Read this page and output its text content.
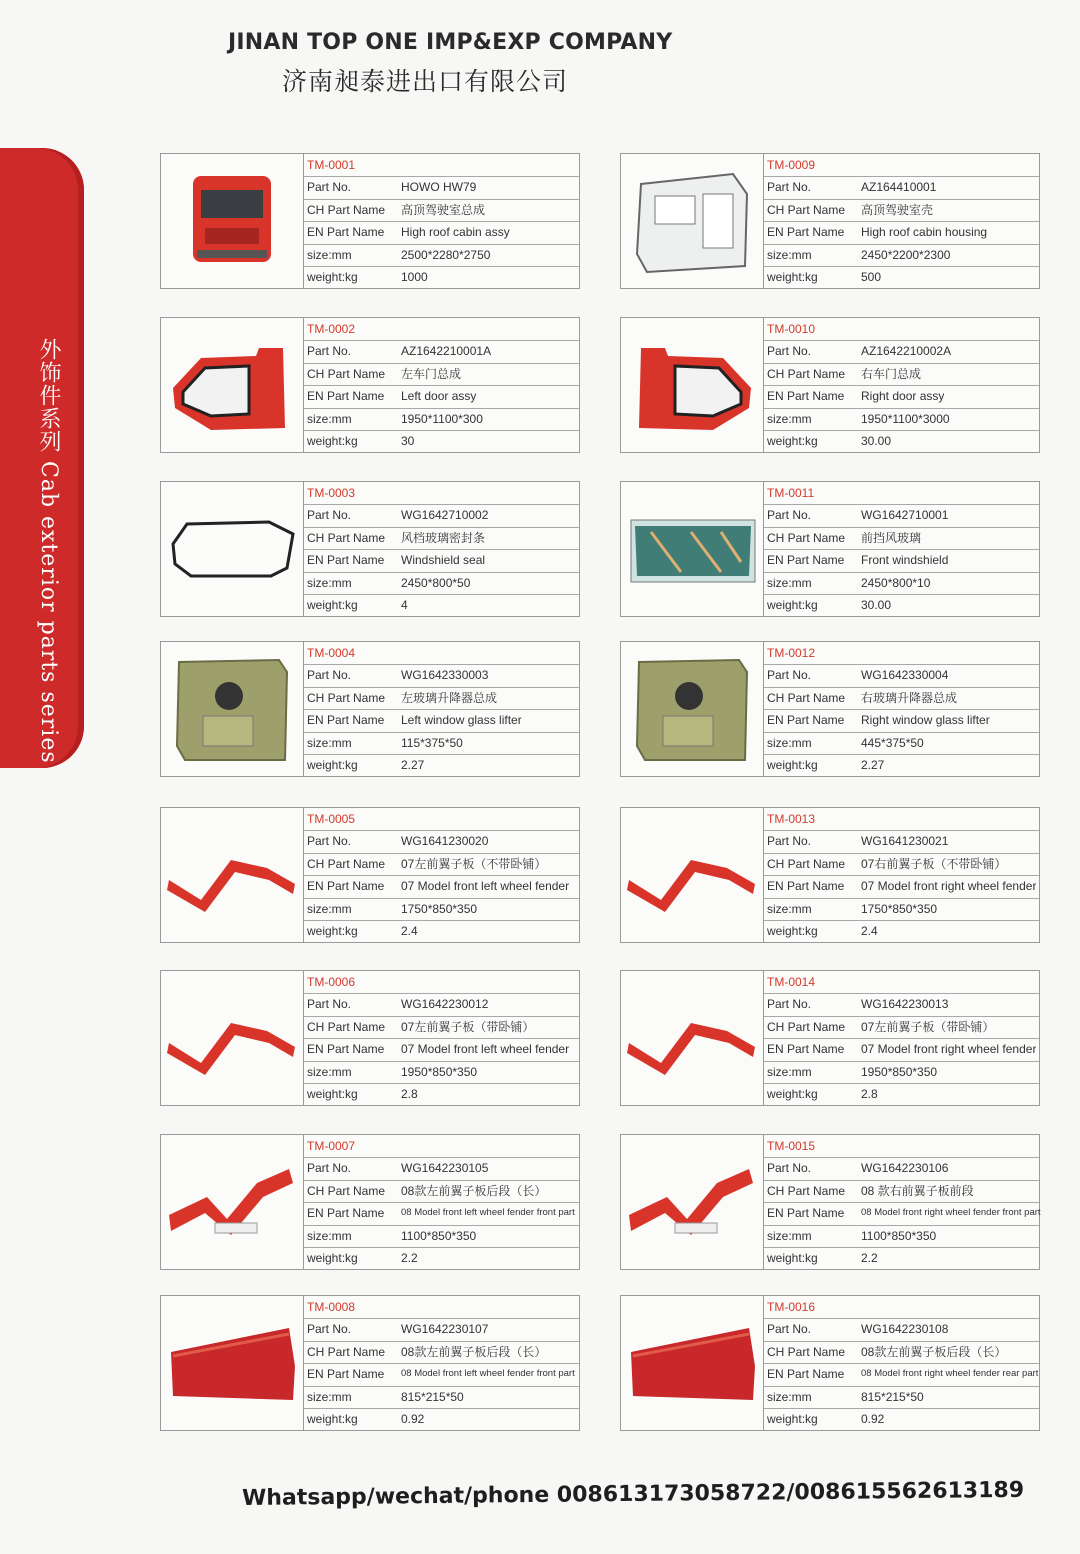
JINAN TOP ONE IMP&EXP COMPANY
济南昶泰进出口有限公司
外饰件系列 Cab exterior parts series
TM-0001
Part No.	HOWO HW79
CH Part Name 高顶驾驶室总成
EN Part Name High roof cabin assy
size:mm	2500*2280*2750
weight:kg	1000
TM-0002
Part No.	AZ1642210001A
CH Part Name 左车门总成
EN Part Name Left door assy
size:mm	1950*1100*300
weight:kg	30
TM-0003
Part No.	WG1642710002
CH Part Name 风档玻璃密封条
EN Part Name Windshield seal
size:mm	2450*800*50
weight:kg	4
TM-0004
Part No.	WG1642330003
CH Part Name 左玻璃升降器总成
EN Part Name Left window glass lifter
size:mm	115*375*50
weight:kg	2.27
TM-0005
Part No.	WG1641230020
CH Part Name 07左前翼子板（不带卧铺）
EN Part Name 07 Model front left wheel fender
size:mm	1750*850*350
weight:kg	2.4
TM-0006
Part No.	WG1642230012
CH Part Name 07左前翼子板（带卧铺）
EN Part Name 07 Model front left wheel fender
size:mm	1950*850*350
weight:kg	2.8
TM-0007
Part No.	WG1642230105
CH Part Name 08款左前翼子板后段（长）
EN Part Name 08 Model front left wheel fender front part
size:mm	1100*850*350
weight:kg	2.2
TM-0008
Part No.	WG1642230107
CH Part Name 08款左前翼子板后段（长）
EN Part Name 08 Model front left wheel fender front part
size:mm	815*215*50
weight:kg	0.92
TM-0009
Part No.	AZ164410001
CH Part Name 高顶驾驶室壳
EN Part Name High roof cabin housing
size:mm	2450*2200*2300
weight:kg	500
TM-0010
Part No.	AZ1642210002A
CH Part Name 右车门总成
EN Part Name Right door assy
size:mm	1950*1100*3000
weight:kg	30.00
TM-0011
Part No.	WG1642710001
CH Part Name 前挡风玻璃
EN Part Name Front windshield
size:mm	2450*800*10
weight:kg	30.00
TM-0012
Part No.	WG1642330004
CH Part Name 右玻璃升降器总成
EN Part Name Right window glass lifter
size:mm	445*375*50
weight:kg	2.27
TM-0013
Part No.	WG1641230021
CH Part Name 07右前翼子板（不带卧铺）
EN Part Name 07 Model front right wheel fender
size:mm	1750*850*350
weight:kg	2.4
TM-0014
Part No.	WG1642230013
CH Part Name 07左前翼子板（带卧铺）
EN Part Name 07 Model front right wheel fender
size:mm	1950*850*350
weight:kg	2.8
TM-0015
Part No.	WG1642230106
CH Part Name 08 款右前翼子板前段
EN Part Name 08 Model front right wheel fender front part
size:mm	1100*850*350
weight:kg	2.2
TM-0016
Part No.	WG1642230108
CH Part Name 08款左前翼子板后段（长）
EN Part Name 08 Model front right wheel fender rear part
size:mm	815*215*50
weight:kg	0.92
Whatsapp/wechat/phone 008613173058722/008615562613189
